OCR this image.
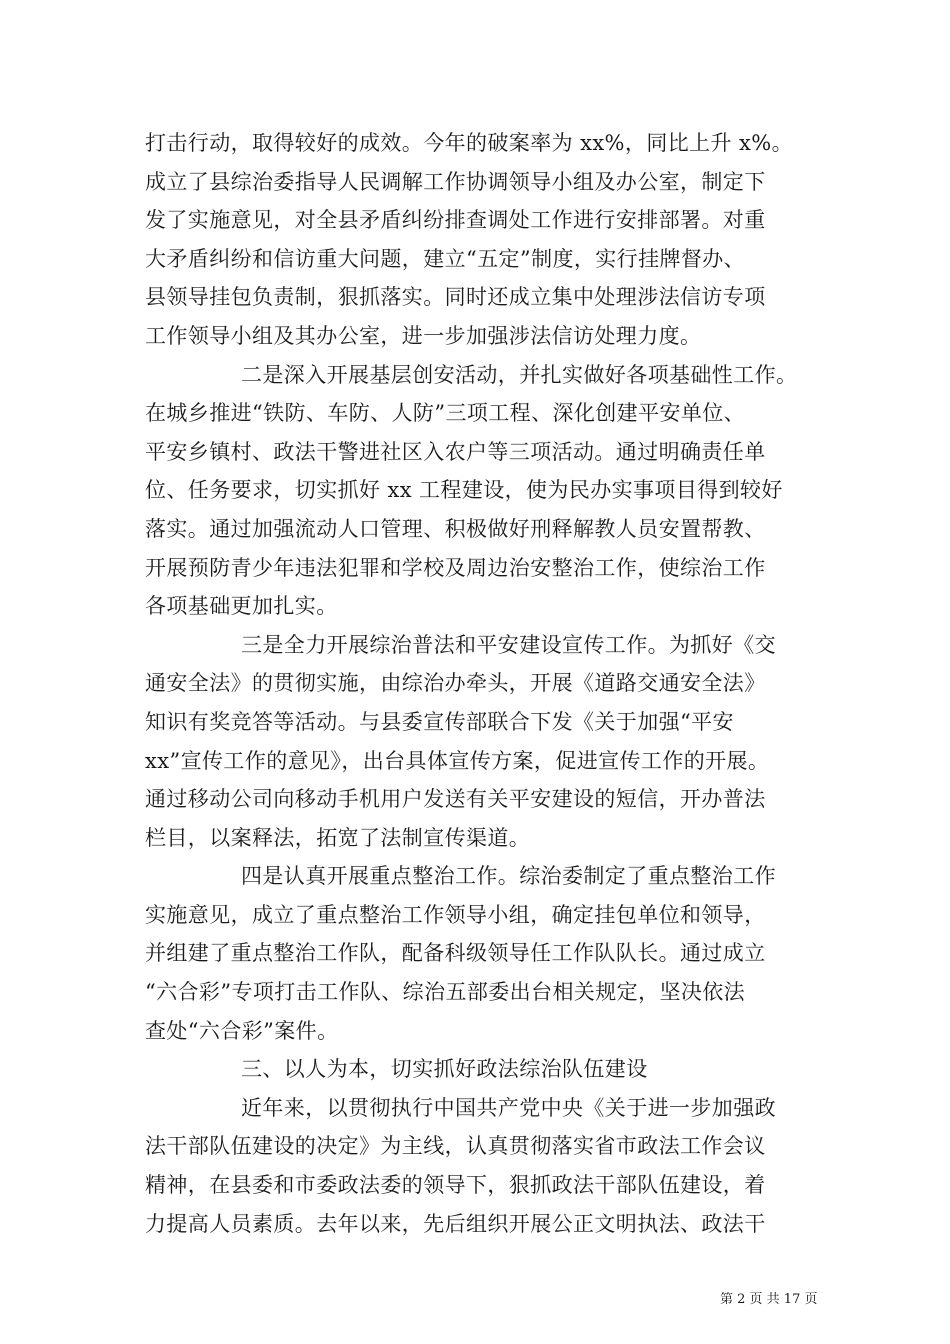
打击行动，取得较好的成效。今年的破案率为 xx%，同比上升 x%。
成立了县综治委指导人民调解工作协调领导小组及办公室，制定下
发了实施意见，对全县矛盾纠纷排查调处工作进行安排部署。对重
大矛盾纠纷和信访重大问题，建立“五定”制度，实行挂牌督办、
县领导挂包负责制，狠抓落实。同时还成立集中处理涉法信访专项
工作领导小组及其办公室，进一步加强涉法信访处理力度。
二是深入开展基层创安活动，并扎实做好各项基础性工作。
在城乡推进“铁防、车防、人防”三项工程、深化创建平安单位、
平安乡镇村、政法干警进社区入农户等三项活动。通过明确责任单
位、任务要求，切实抓好 xx 工程建设，使为民办实事项目得到较好
落实。通过加强流动人口管理、积极做好刑释解教人员安置帮教、
开展预防青少年违法犯罪和学校及周边治安整治工作，使综治工作
各项基础更加扎实。
三是全力开展综治普法和平安建设宣传工作。为抓好《交
通安全法》的贯彻实施，由综治办牵头，开展《道路交通安全法》
知识有奖竞答等活动。与县委宣传部联合下发《关于加强“平安
xx”宣传工作的意见》，出台具体宣传方案，促进宣传工作的开展。
通过移动公司向移动手机用户发送有关平安建设的短信，开办普法
栏目，以案释法，拓宽了法制宣传渠道。
四是认真开展重点整治工作。综治委制定了重点整治工作
实施意见，成立了重点整治工作领导小组，确定挂包单位和领导，
并组建了重点整治工作队，配备科级领导任工作队队长。通过成立
“六合彩”专项打击工作队、综治五部委出台相关规定，坚决依法
查处“六合彩”案件。
三、以人为本，切实抓好政法综治队伍建设
近年来，以贯彻执行中国共产党中央《关于进一步加强政
法干部队伍建设的决定》为主线，认真贯彻落实省市政法工作会议
精神，在县委和市委政法委的领导下，狠抓政法干部队伍建设，着
力提高人员素质。去年以来，先后组织开展公正文明执法、政法干
第 2 页 共 17 页
